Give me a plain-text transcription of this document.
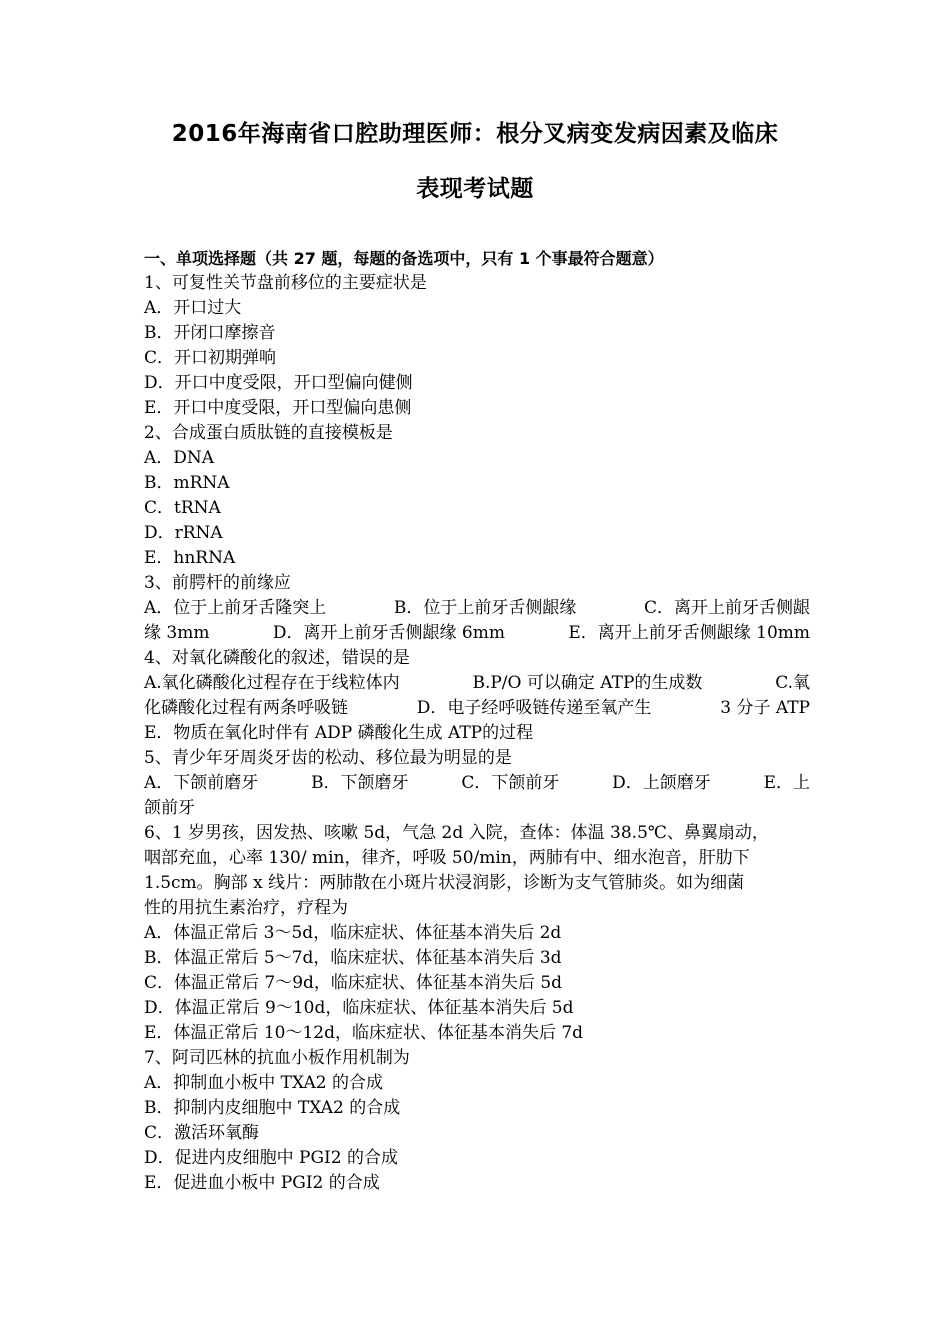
2016年海南省口腔助理医师：根分叉病变发病因素及临床
表现考试题
一、单项选择题（共 27 题，每题的备选项中，只有 1 个事最符合题意）
1、可复性关节盘前移位的主要症状是
A．开口过大
B．开闭口摩擦音
C．开口初期弹响
D．开口中度受限，开口型偏向健侧
E．开口中度受限，开口型偏向患侧
2、合成蛋白质肽链的直接模板是
A．DNA
B．mRNA
C．tRNA
D．rRNA
E．hnRNA
3、前腭杆的前缘应
A．位于上前牙舌隆突上	B．位于上前牙舌侧龈缘	C．离开上前牙舌侧龈
缘 3mm	D．离开上前牙舌侧龈缘 6mm	E．离开上前牙舌侧龈缘 10mm
4、对氧化磷酸化的叙述，错误的是
A.氧化磷酸化过程存在于线粒体内	B.P/O 可以确定 ATP的生成数	C.氧
化磷酸化过程有两条呼吸链	D．电子经呼吸链传递至氧产生	3 分子 ATP
E．物质在氧化时伴有 ADP 磷酸化生成 ATP的过程
5、青少年牙周炎牙齿的松动、移位最为明显的是
A．下颌前磨牙	B．下颌磨牙	C．下颌前牙	D．上颌磨牙	E．上
颌前牙
6、1 岁男孩，因发热、咳嗽 5d，气急 2d 入院，查体：体温 38.5℃、鼻翼扇动，
咽部充血，心率 130/ min，律齐，呼吸 50/min，两肺有中、细水泡音，肝肋下
1.5cm。胸部 x 线片：两肺散在小斑片状浸润影，诊断为支气管肺炎。如为细菌
性的用抗生素治疗，疗程为
A．体温正常后 3～5d，临床症状、体征基本消失后 2d
B．体温正常后 5～7d，临床症状、体征基本消失后 3d
C．体温正常后 7～9d，临床症状、体征基本消失后 5d
D．体温正常后 9～10d，临床症状、体征基本消失后 5d
E．体温正常后 10～12d，临床症状、体征基本消失后 7d
7、阿司匹林的抗血小板作用机制为
A．抑制血小板中 TXA2 的合成
B．抑制内皮细胞中 TXA2 的合成
C．激活环氧酶
D．促进内皮细胞中 PGI2 的合成
E．促进血小板中 PGI2 的合成
